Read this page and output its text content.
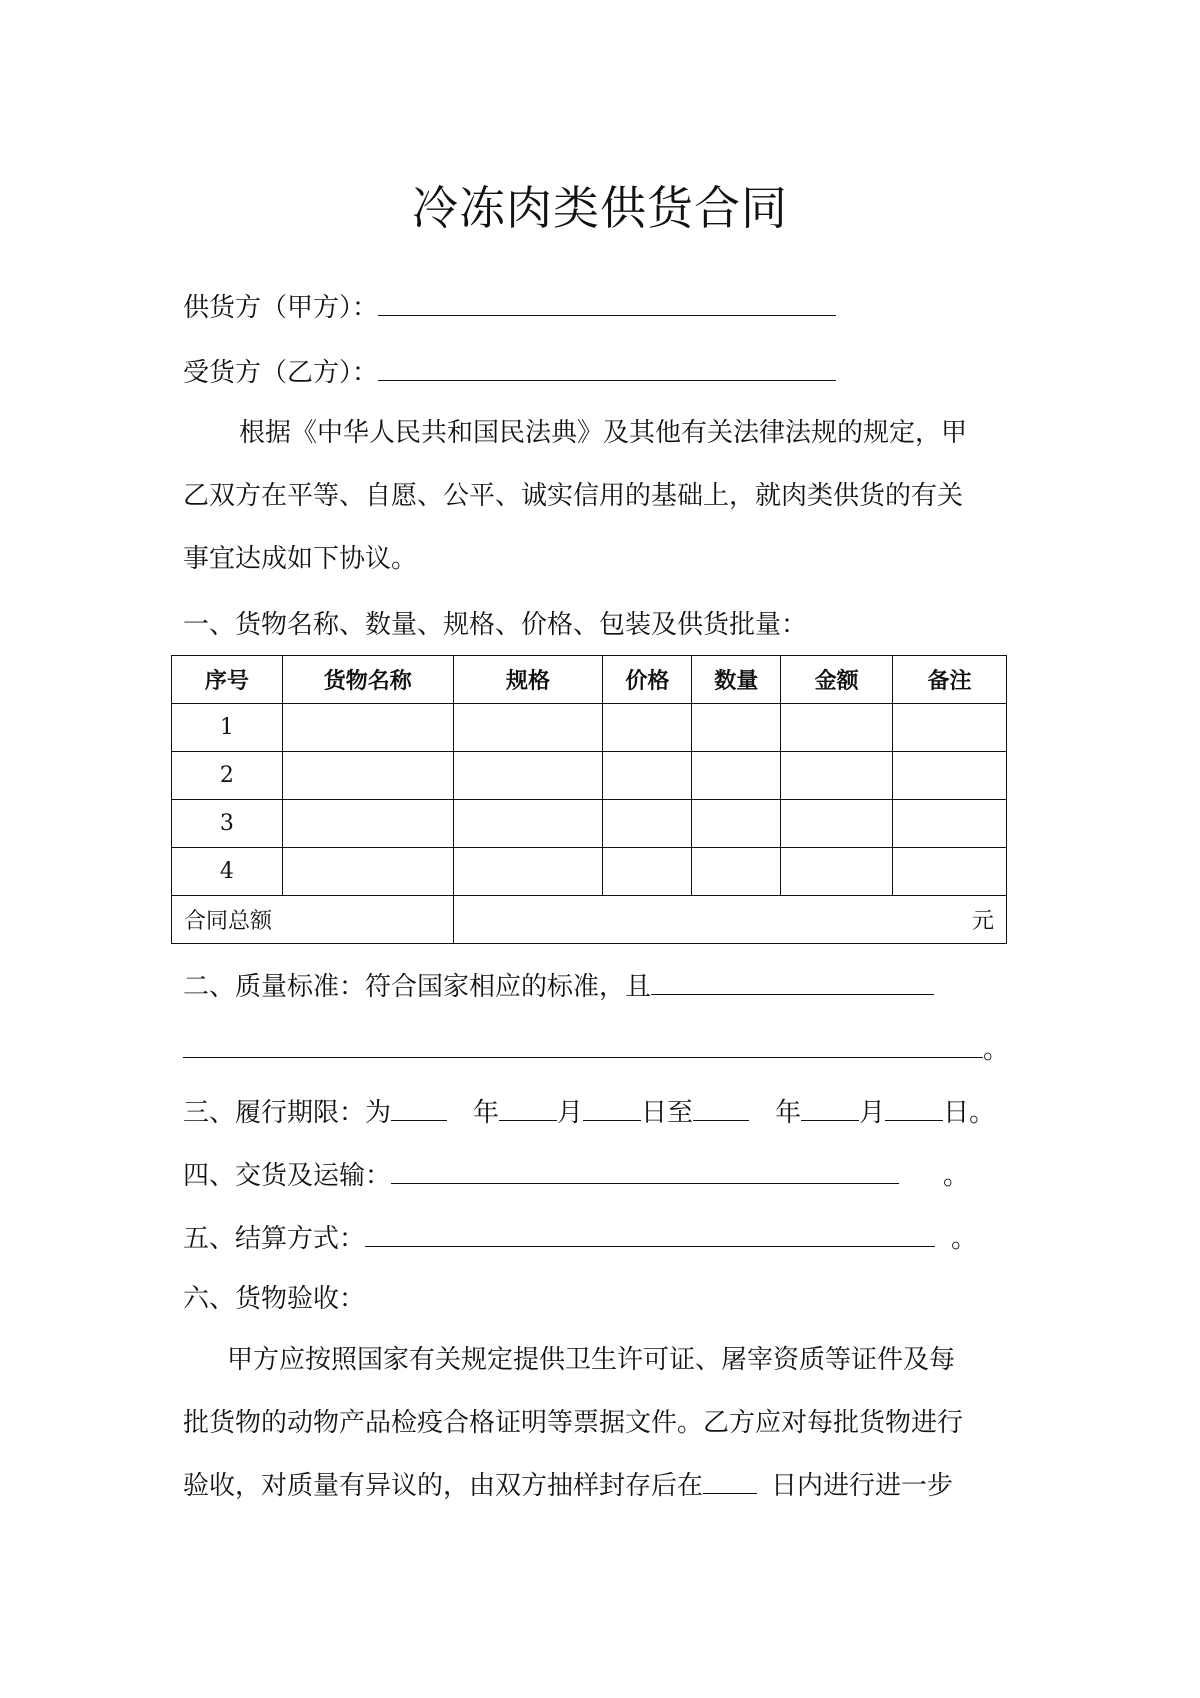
冷冻肉类供货合同
供货方（甲方）：
受货方（乙方）：
根据《中华人民共和国民法典》及其他有关法律法规的规定，甲
乙双方在平等、自愿、公平、诚实信用的基础上，就肉类供货的有关
事宜达成如下协议。
一、货物名称、数量、规格、价格、包装及供货批量：
序号	货物名称	规格	价格	数量	金额	备注
1						
2						
3						
4						
合同总额		元				
二、质量标准：符合国家相应的标准，且
。
三、履行期限：为	年 月 日至	年 月 日。
四、交货及运输：	。
五、结算方式：	。
六、货物验收：
甲方应按照国家有关规定提供卫生许可证、屠宰资质等证件及每
批货物的动物产品检疫合格证明等票据文件。乙方应对每批货物进行
验收，对质量有异议的，由双方抽样封存后在	日内进行进一步
